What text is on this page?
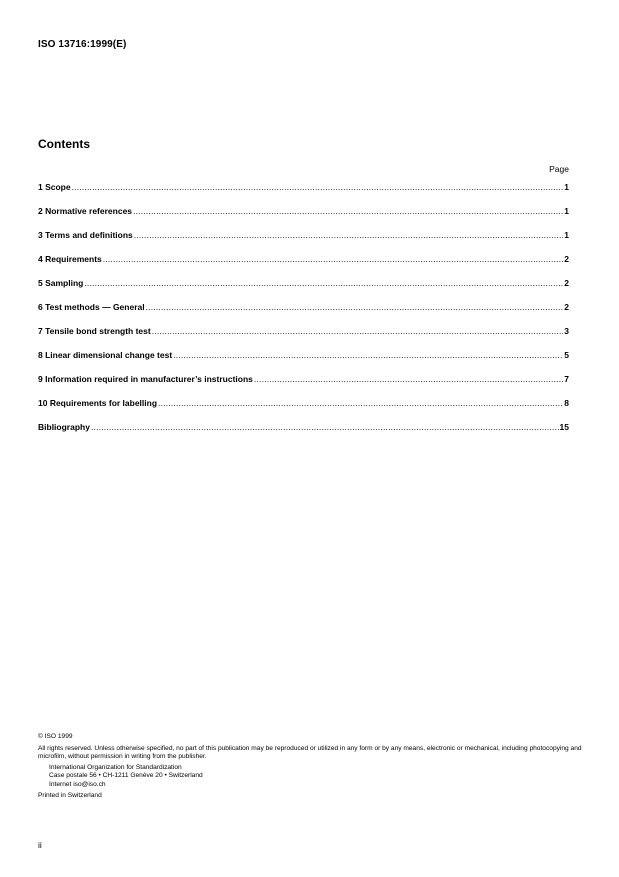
ISO 13716:1999(E)
Contents
Page
1 Scope .....	1
2 Normative references .....	1
3 Terms and definitions .....	1
4 Requirements .....	2
5 Sampling .....	2
6 Test methods — General .....	2
7 Tensile bond strength test .....	3
8 Linear dimensional change test .....	5
9 Information required in manufacturer’s instructions .....	7
10 Requirements for labelling .....	8
Bibliography .....	15
© ISO 1999
All rights reserved. Unless otherwise specified, no part of this publication may be reproduced or utilized in any form or by any means, electronic or mechanical, including photocopying and microfilm, without permission in writing from the publisher.
International Organization for Standardization
Case postale 56 • CH-1211 Genève 20 • Switzerland
Internet iso@iso.ch
Printed in Switzerland
ii
